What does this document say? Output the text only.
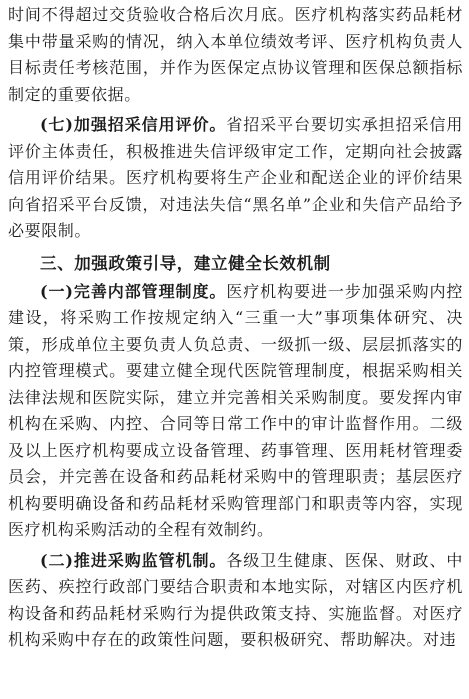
时间不得超过交货验收合格后次月底。医疗机构落实药品耗材集中带量采购的情况，纳入本单位绩效考评、医疗机构负责人目标责任考核范围，并作为医保定点协议管理和医保总额指标制定的重要依据。

(七)加强招采信用评价。省招采平台要切实承担招采信用评价主体责任，积极推进失信评级审定工作，定期向社会披露信用评价结果。医疗机构要将生产企业和配送企业的评价结果向省招采平台反馈，对违法失信“黑名单”企业和失信产品给予必要限制。

三、加强政策引导，建立健全长效机制

(一)完善内部管理制度。医疗机构要进一步加强采购内控建设，将采购工作按规定纳入“三重一大”事项集体研究、决策，形成单位主要负责人负总责、一级抓一级、层层抓落实的内控管理模式。要建立健全现代医院管理制度，根据采购相关法律法规和医院实际，建立并完善相关采购制度。要发挥内审机构在采购、内控、合同等日常工作中的审计监督作用。二级及以上医疗机构要成立设备管理、药事管理、医用耗材管理委员会，并完善在设备和药品耗材采购中的管理职责；基层医疗机构要明确设备和药品耗材采购管理部门和职责等内容，实现医疗机构采购活动的全程有效制约。

(二)推进采购监管机制。各级卫生健康、医保、财政、中医药、疾控行政部门要结合职责和本地实际，对辖区内医疗机构设备和药品耗材采购行为提供政策支持、实施监督。对医疗机构采购中存在的政策性问题，要积极研究、帮助解决。对违
